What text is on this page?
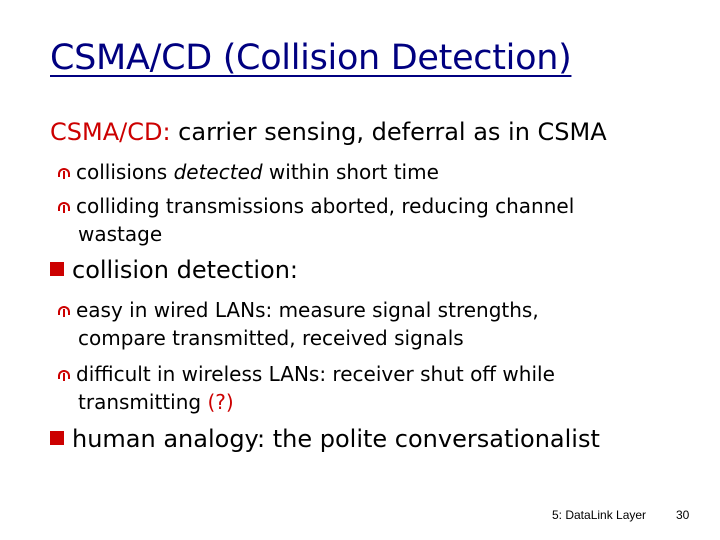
CSMA/CD (Collision Detection)
CSMA/CD: carrier sensing, deferral as in CSMA
collisions detected within short time
colliding transmissions aborted, reducing channel
wastage
collision detection:
easy in wired LANs: measure signal strengths,
compare transmitted, received signals
difficult in wireless LANs: receiver shut off while
transmitting (?)
human analogy: the polite conversationalist
5: DataLink Layer 30
